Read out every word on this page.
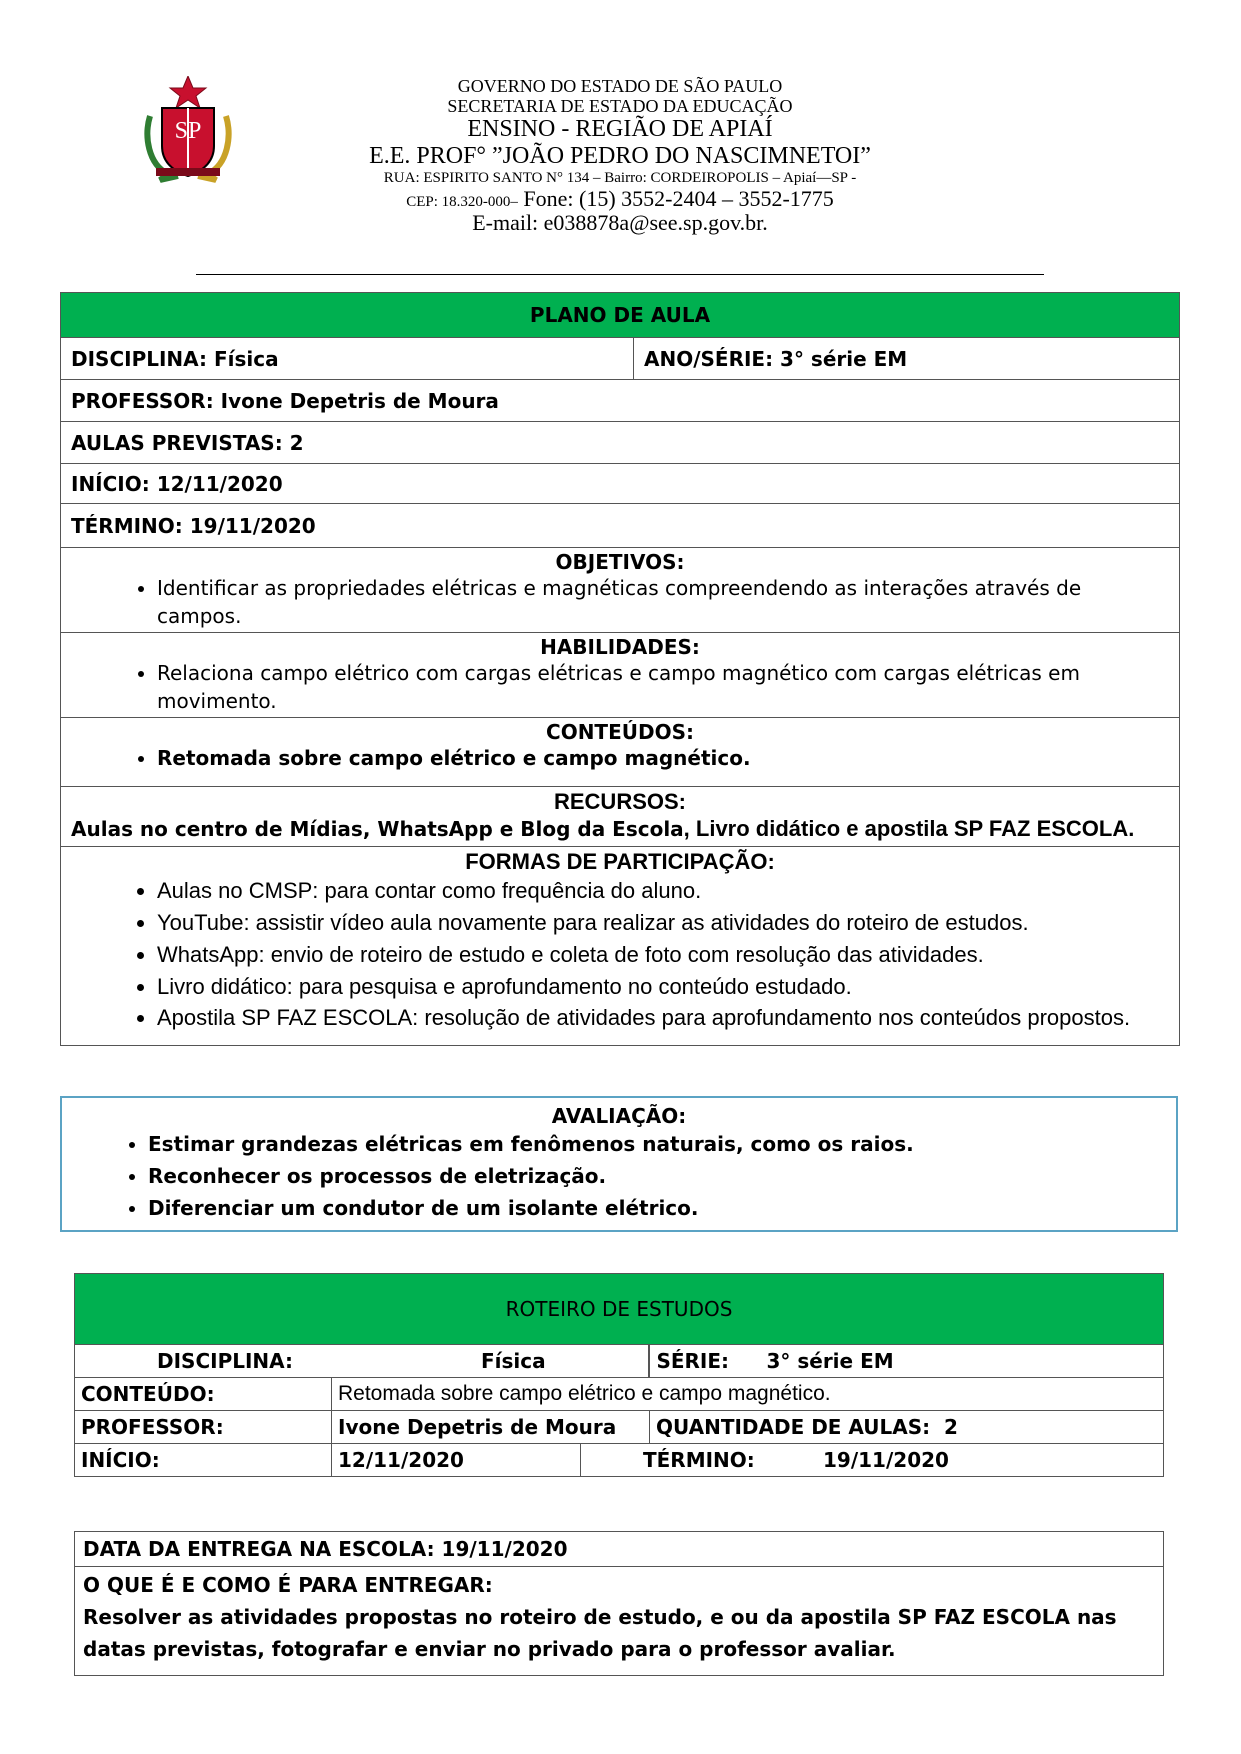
SP
GOVERNO DO ESTADO DE SÃO PAULO
SECRETARIA DE ESTADO DA EDUCAÇÃO
ENSINO - REGIÃO DE APIAÍ
E.E. PROF° ”JOÃO PEDRO DO NASCIMNETOI”
RUA: ESPIRITO SANTO N° 134 – Bairro: CORDEIROPOLIS – Apiaí—SP -
CEP: 18.320-000– Fone: (15) 3552-2404 – 3552-1775
E-mail: e038878a@see.sp.gov.br.
PLANO DE AULA
DISCIPLINA: Física	ANO/SÉRIE: 3° série EM
PROFESSOR: Ivone Depetris de Moura
AULAS PREVISTAS: 2
INÍCIO: 12/11/2020
TÉRMINO: 19/11/2020

OBJETIVOS:
• Identificar as propriedades elétricas e magnéticas compreendendo as interações através de campos.

HABILIDADES:
• Relaciona campo elétrico com cargas elétricas e campo magnético com cargas elétricas em movimento.

CONTEÚDOS:
• Retomada sobre campo elétrico e campo magnético.

RECURSOS:
Aulas no centro de Mídias, WhatsApp e Blog da Escola, Livro didático e apostila SP FAZ ESCOLA.

FORMAS DE PARTICIPAÇÃO:
• Aulas no CMSP: para contar como frequência do aluno.
• YouTube: assistir vídeo aula novamente para realizar as atividades do roteiro de estudos.
• WhatsApp: envio de roteiro de estudo e coleta de foto com resolução das atividades.
• Livro didático: para pesquisa e aprofundamento no conteúdo estudado.
• Apostila SP FAZ ESCOLA: resolução de atividades para aprofundamento nos conteúdos propostos.
AVALIAÇÃO:
• Estimar grandezas elétricas em fenômenos naturais, como os raios.
• Reconhecer os processos de eletrização.
• Diferenciar um condutor de um isolante elétrico.
ROTEIRO DE ESTUDOS			
DISCIPLINA: Física			SÉRIE: 3° série EM
CONTEÚDO:	Retomada sobre campo elétrico e campo magnético.		
PROFESSOR:	Ivone Depetris de Moura		QUANTIDADE DE AULAS: 2
INÍCIO:	12/11/2020	TÉRMINO: 19/11/2020	
DATA DA ENTREGA NA ESCOLA: 19/11/2020
O QUE É E COMO É PARA ENTREGAR:
Resolver as atividades propostas no roteiro de estudo, e ou da apostila SP FAZ ESCOLA nas datas previstas, fotografar e enviar no privado para o professor avaliar.
